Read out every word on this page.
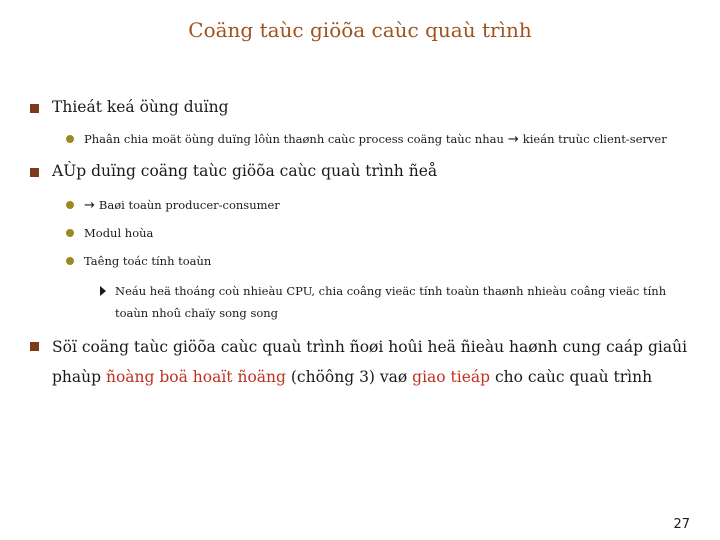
Coäng taùc giöõa caùc quaù trình
Thieát keá öùng duïng
Phaân chia moät öùng duïng lôùn thaønh caùc process coäng taùc nhau → kieán truùc client-server
AÙp duïng coäng taùc giöõa caùc quaù trình ñeå
→ Baøi toaùn producer-consumer
Modul hoùa
Taêng toác tính toaùn
Neáu heä thoáng coù nhieàu CPU, chia coâng vieäc tính toaùn thaønh nhieàu coâng vieäc tính toaùn nhoû chaïy song song
Söï coäng taùc giöõa caùc quaù trình ñoøi hoûi heä ñieàu haønh cung caáp giaûi phaùp ñoàng boä hoaït ñoäng (chöông 3) vaø giao tieáp cho caùc quaù trình
27
